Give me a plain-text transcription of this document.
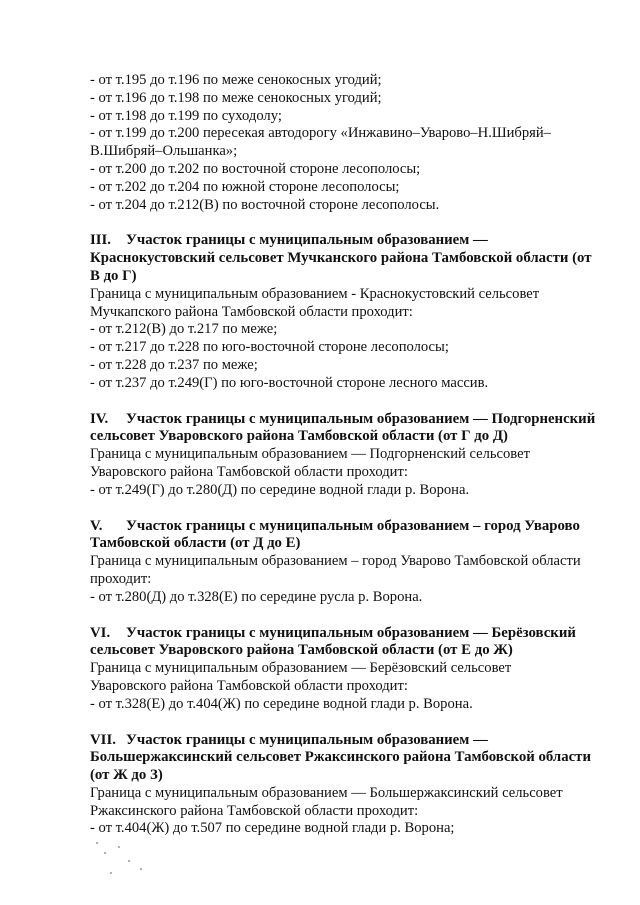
- от т.195 до т.196 по меже сенокосных угодий;

- от т.196 до т.198 по меже сенокосных угодий;

- от т.198 до т.199 по суходолу;

- от т.199 до т.200 пересекая автодорогу «Инжавино–Уварово–Н.Шибряй–

В.Шибряй–Ольшанка»;

- от т.200 до т.202 по восточной стороне лесополосы;

- от т.202 до т.204 по южной стороне лесополосы;

- от т.204 до т.212(В) по восточной стороне лесополосы.

III. Участок границы с муниципальным образованием —

Краснокустовский сельсовет Мучканского района Тамбовской области (от

В до Г)

Граница с муниципальным образованием - Краснокустовский сельсовет

Мучкапского района Тамбовской области проходит:

- от т.212(В) до т.217 по меже;

- от т.217 до т.228 по юго-восточной стороне лесополосы;

- от т.228 до т.237 по меже;

- от т.237 до т.249(Г) по юго-восточной стороне лесного массив.

IV. Участок границы с муниципальным образованием — Подгорненский

сельсовет Уваровского района Тамбовской области (от Г до Д)

Граница с муниципальным образованием — Подгорненский сельсовет

Уваровского района Тамбовской области проходит:

- от т.249(Г) до т.280(Д) по середине водной глади р. Ворона.

V. Участок границы с муниципальным образованием – город Уварово

Тамбовской области (от Д до Е)

Граница с муниципальным образованием – город Уварово Тамбовской области

проходит:

- от т.280(Д) до т.328(Е) по середине русла р. Ворона.

VI. Участок границы с муниципальным образованием — Берёзовский

сельсовет Уваровского района Тамбовской области (от Е до Ж)

Граница с муниципальным образованием — Берёзовский сельсовет

Уваровского района Тамбовской области проходит:

- от т.328(Е) до т.404(Ж) по середине водной глади р. Ворона.

VII. Участок границы с муниципальным образованием —

Большержаксинский сельсовет Ржаксинского района Тамбовской области

(от Ж до З)

Граница с муниципальным образованием — Большержаксинский сельсовет

Ржаксинского района Тамбовской области проходит:

- от т.404(Ж) до т.507 по середине водной глади р. Ворона;
